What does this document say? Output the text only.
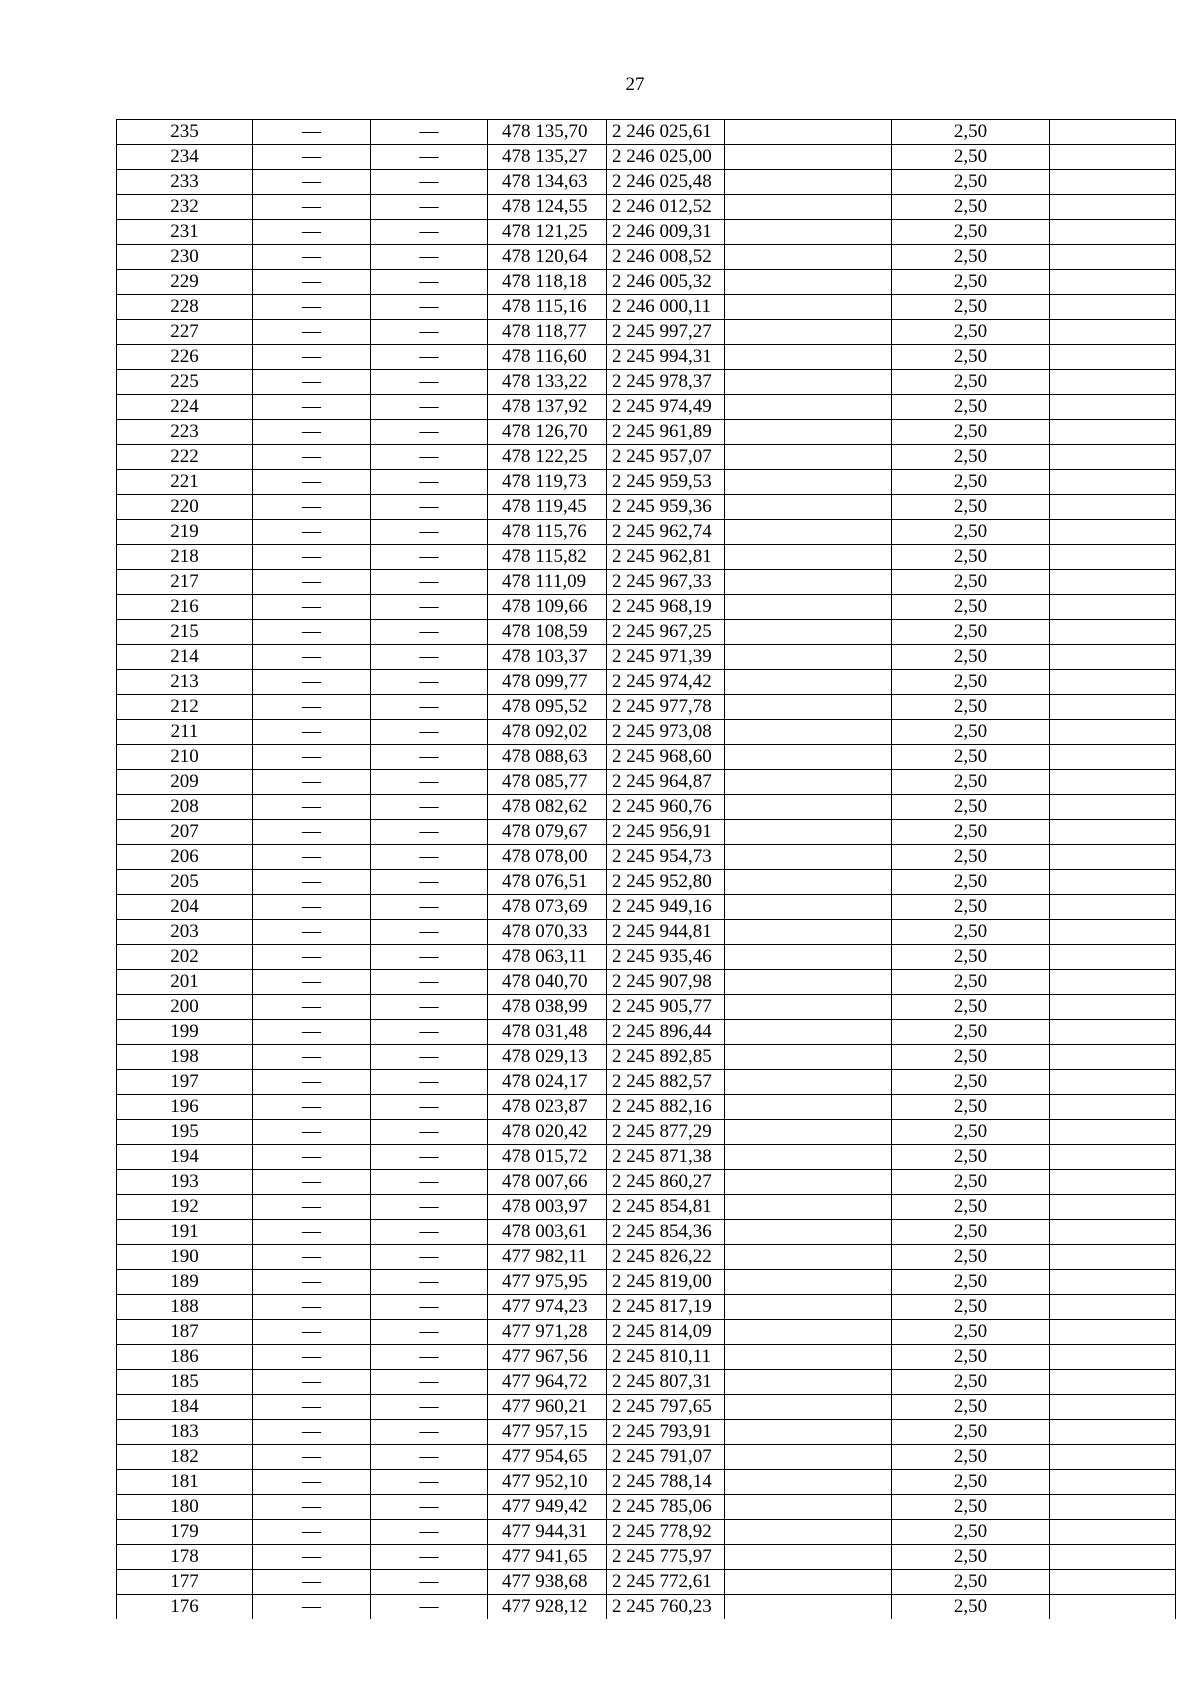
27
235	—	—	478 135,70	2 246 025,61		2,50	
234	—	—	478 135,27	2 246 025,00		2,50	
233	—	—	478 134,63	2 246 025,48		2,50	
232	—	—	478 124,55	2 246 012,52		2,50	
231	—	—	478 121,25	2 246 009,31		2,50	
230	—	—	478 120,64	2 246 008,52		2,50	
229	—	—	478 118,18	2 246 005,32		2,50	
228	—	—	478 115,16	2 246 000,11		2,50	
227	—	—	478 118,77	2 245 997,27		2,50	
226	—	—	478 116,60	2 245 994,31		2,50	
225	—	—	478 133,22	2 245 978,37		2,50	
224	—	—	478 137,92	2 245 974,49		2,50	
223	—	—	478 126,70	2 245 961,89		2,50	
222	—	—	478 122,25	2 245 957,07		2,50	
221	—	—	478 119,73	2 245 959,53		2,50	
220	—	—	478 119,45	2 245 959,36		2,50	
219	—	—	478 115,76	2 245 962,74		2,50	
218	—	—	478 115,82	2 245 962,81		2,50	
217	—	—	478 111,09	2 245 967,33		2,50	
216	—	—	478 109,66	2 245 968,19		2,50	
215	—	—	478 108,59	2 245 967,25		2,50	
214	—	—	478 103,37	2 245 971,39		2,50	
213	—	—	478 099,77	2 245 974,42		2,50	
212	—	—	478 095,52	2 245 977,78		2,50	
211	—	—	478 092,02	2 245 973,08		2,50	
210	—	—	478 088,63	2 245 968,60		2,50	
209	—	—	478 085,77	2 245 964,87		2,50	
208	—	—	478 082,62	2 245 960,76		2,50	
207	—	—	478 079,67	2 245 956,91		2,50	
206	—	—	478 078,00	2 245 954,73		2,50	
205	—	—	478 076,51	2 245 952,80		2,50	
204	—	—	478 073,69	2 245 949,16		2,50	
203	—	—	478 070,33	2 245 944,81		2,50	
202	—	—	478 063,11	2 245 935,46		2,50	
201	—	—	478 040,70	2 245 907,98		2,50	
200	—	—	478 038,99	2 245 905,77		2,50	
199	—	—	478 031,48	2 245 896,44		2,50	
198	—	—	478 029,13	2 245 892,85		2,50	
197	—	—	478 024,17	2 245 882,57		2,50	
196	—	—	478 023,87	2 245 882,16		2,50	
195	—	—	478 020,42	2 245 877,29		2,50	
194	—	—	478 015,72	2 245 871,38		2,50	
193	—	—	478 007,66	2 245 860,27		2,50	
192	—	—	478 003,97	2 245 854,81		2,50	
191	—	—	478 003,61	2 245 854,36		2,50	
190	—	—	477 982,11	2 245 826,22		2,50	
189	—	—	477 975,95	2 245 819,00		2,50	
188	—	—	477 974,23	2 245 817,19		2,50	
187	—	—	477 971,28	2 245 814,09		2,50	
186	—	—	477 967,56	2 245 810,11		2,50	
185	—	—	477 964,72	2 245 807,31		2,50	
184	—	—	477 960,21	2 245 797,65		2,50	
183	—	—	477 957,15	2 245 793,91		2,50	
182	—	—	477 954,65	2 245 791,07		2,50	
181	—	—	477 952,10	2 245 788,14		2,50	
180	—	—	477 949,42	2 245 785,06		2,50	
179	—	—	477 944,31	2 245 778,92		2,50	
178	—	—	477 941,65	2 245 775,97		2,50	
177	—	—	477 938,68	2 245 772,61		2,50	
176	—	—	477 928,12	2 245 760,23		2,50	
